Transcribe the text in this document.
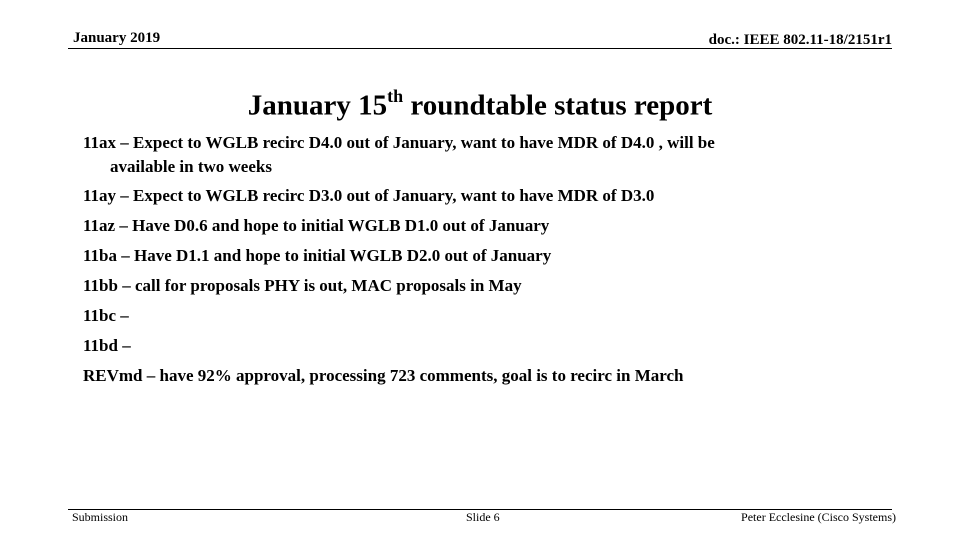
January 2019	doc.: IEEE 802.11-18/2151r1
January 15th roundtable status report
11ax – Expect to WGLB recirc D4.0 out of January, want to have MDR of D4.0 , will be
available in two weeks
11ay – Expect to WGLB recirc D3.0 out of January, want to have MDR of D3.0
11az – Have D0.6 and hope to initial WGLB D1.0 out of January
11ba – Have D1.1 and hope to initial WGLB D2.0 out of January
11bb – call for proposals PHY is out, MAC proposals in May
11bc –
11bd –
REVmd – have 92% approval, processing 723 comments, goal is to recirc in March
Submission	Slide 6	Peter Ecclesine (Cisco Systems)
